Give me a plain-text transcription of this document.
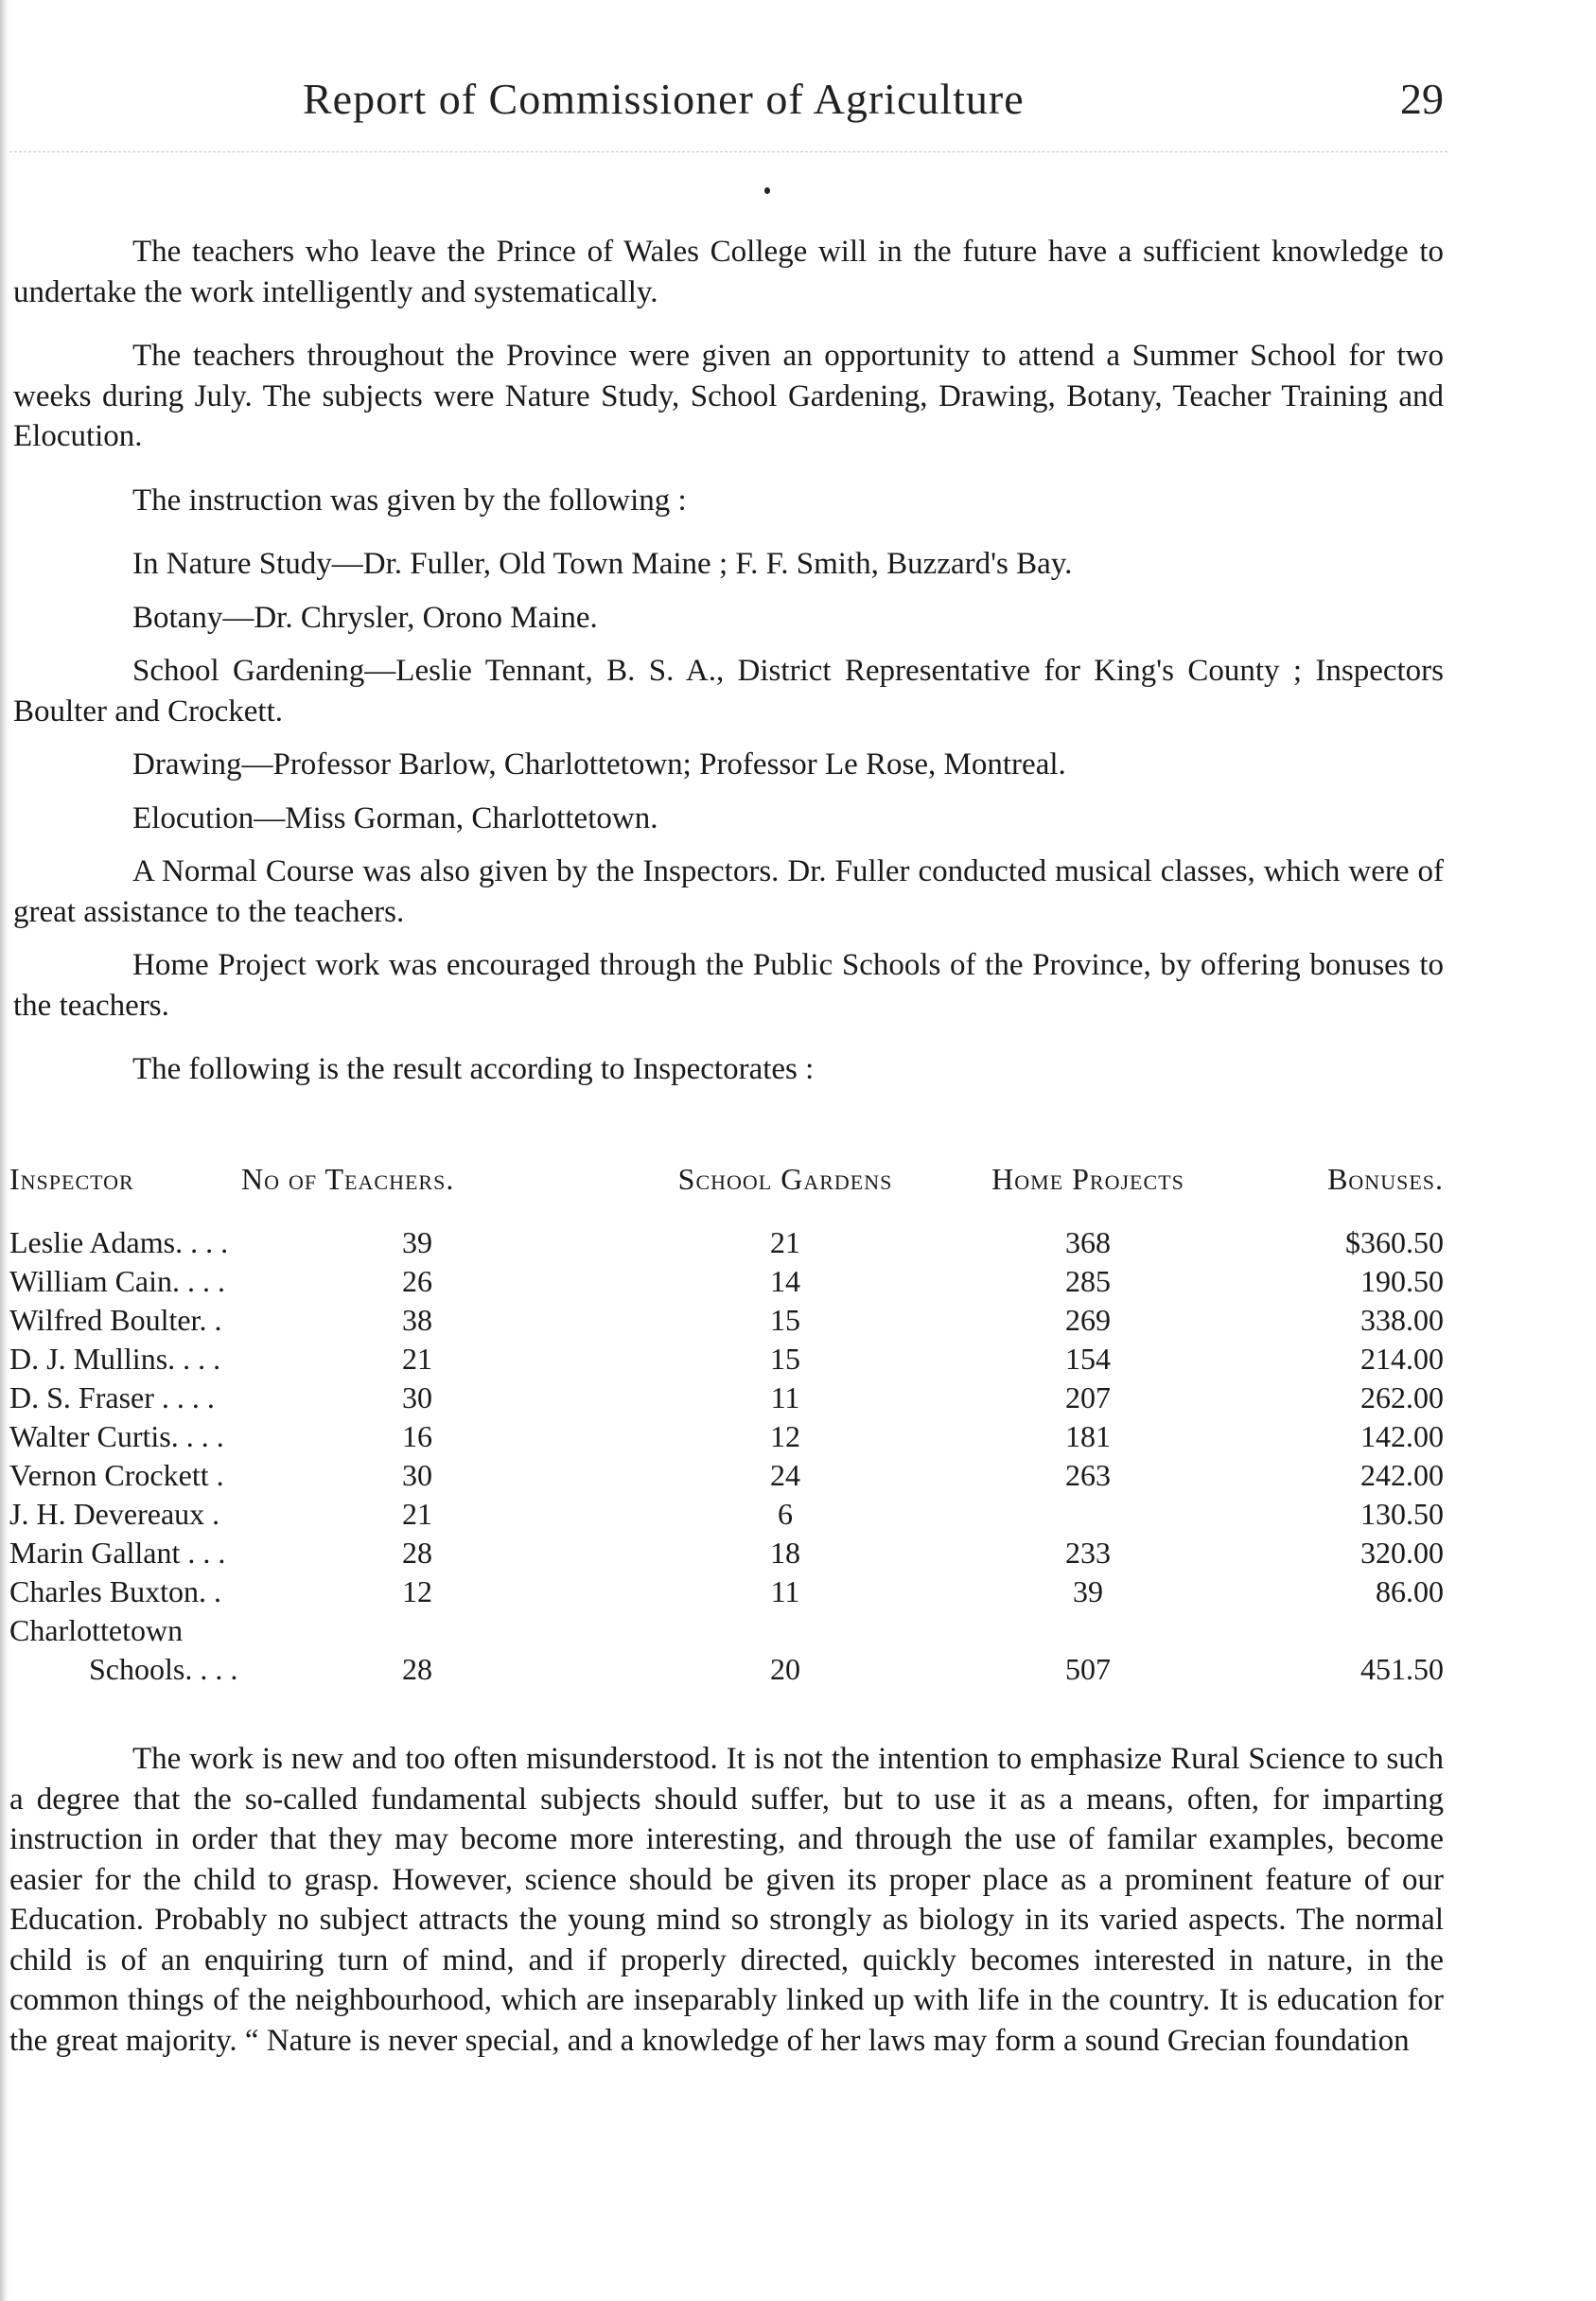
Report of Commissioner of Agriculture	29

The teachers who leave the Prince of Wales College will in the future have a sufficient knowledge to undertake the work intelligently and systematically.

The teachers throughout the Province were given an opportunity to attend a Summer School for two weeks during July. The subjects were Nature Study, School Gardening, Drawing, Botany, Teacher Training and Elocution.

The instruction was given by the following :

In Nature Study—Dr. Fuller, Old Town Maine ; F. F. Smith, Buzzard's Bay.

Botany—Dr. Chrysler, Orono Maine.

School Gardening—Leslie Tennant, B. S. A., District Representative for King's County ; Inspectors Boulter and Crockett.

Drawing—Professor Barlow, Charlottetown; Professor Le Rose, Montreal.

Elocution—Miss Gorman, Charlottetown.

A Normal Course was also given by the Inspectors. Dr. Fuller conducted musical classes, which were of great assistance to the teachers.

Home Project work was encouraged through the Public Schools of the Province, by offering bonuses to the teachers.

The following is the result according to Inspectorates :

Inspector	No of Teachers.	School Gardens	Home Projects	Bonuses.
Leslie Adams. . . .	39	21	368	$360.50
William Cain. . . .	26	14	285	190.50
Wilfred Boulter. .	38	15	269	338.00
D. J. Mullins. . . .	21	15	154	214.00
D. S. Fraser . . . .	30	11	207	262.00
Walter Curtis. . . .	16	12	181	142.00
Vernon Crockett .	30	24	263	242.00
J. H. Devereaux .	21	6		130.50
Marin Gallant . . .	28	18	233	320.00
Charles Buxton. .	12	11	39	86.00
Charlottetown				
Schools. . . .	28	20	507	451.50

The work is new and too often misunderstood. It is not the intention to emphasize Rural Science to such a degree that the so-called fundamental subjects should suffer, but to use it as a means, often, for imparting instruction in order that they may become more interesting, and through the use of familar examples, become easier for the child to grasp. However, science should be given its proper place as a prominent feature of our Education. Probably no subject attracts the young mind so strongly as biology in its varied aspects. The normal child is of an enquiring turn of mind, and if properly directed, quickly becomes interested in nature, in the common things of the neighbourhood, which are inseparably linked up with life in the country. It is education for the great majority. “ Nature is never special, and a knowledge of her laws may form a sound Grecian foundation
